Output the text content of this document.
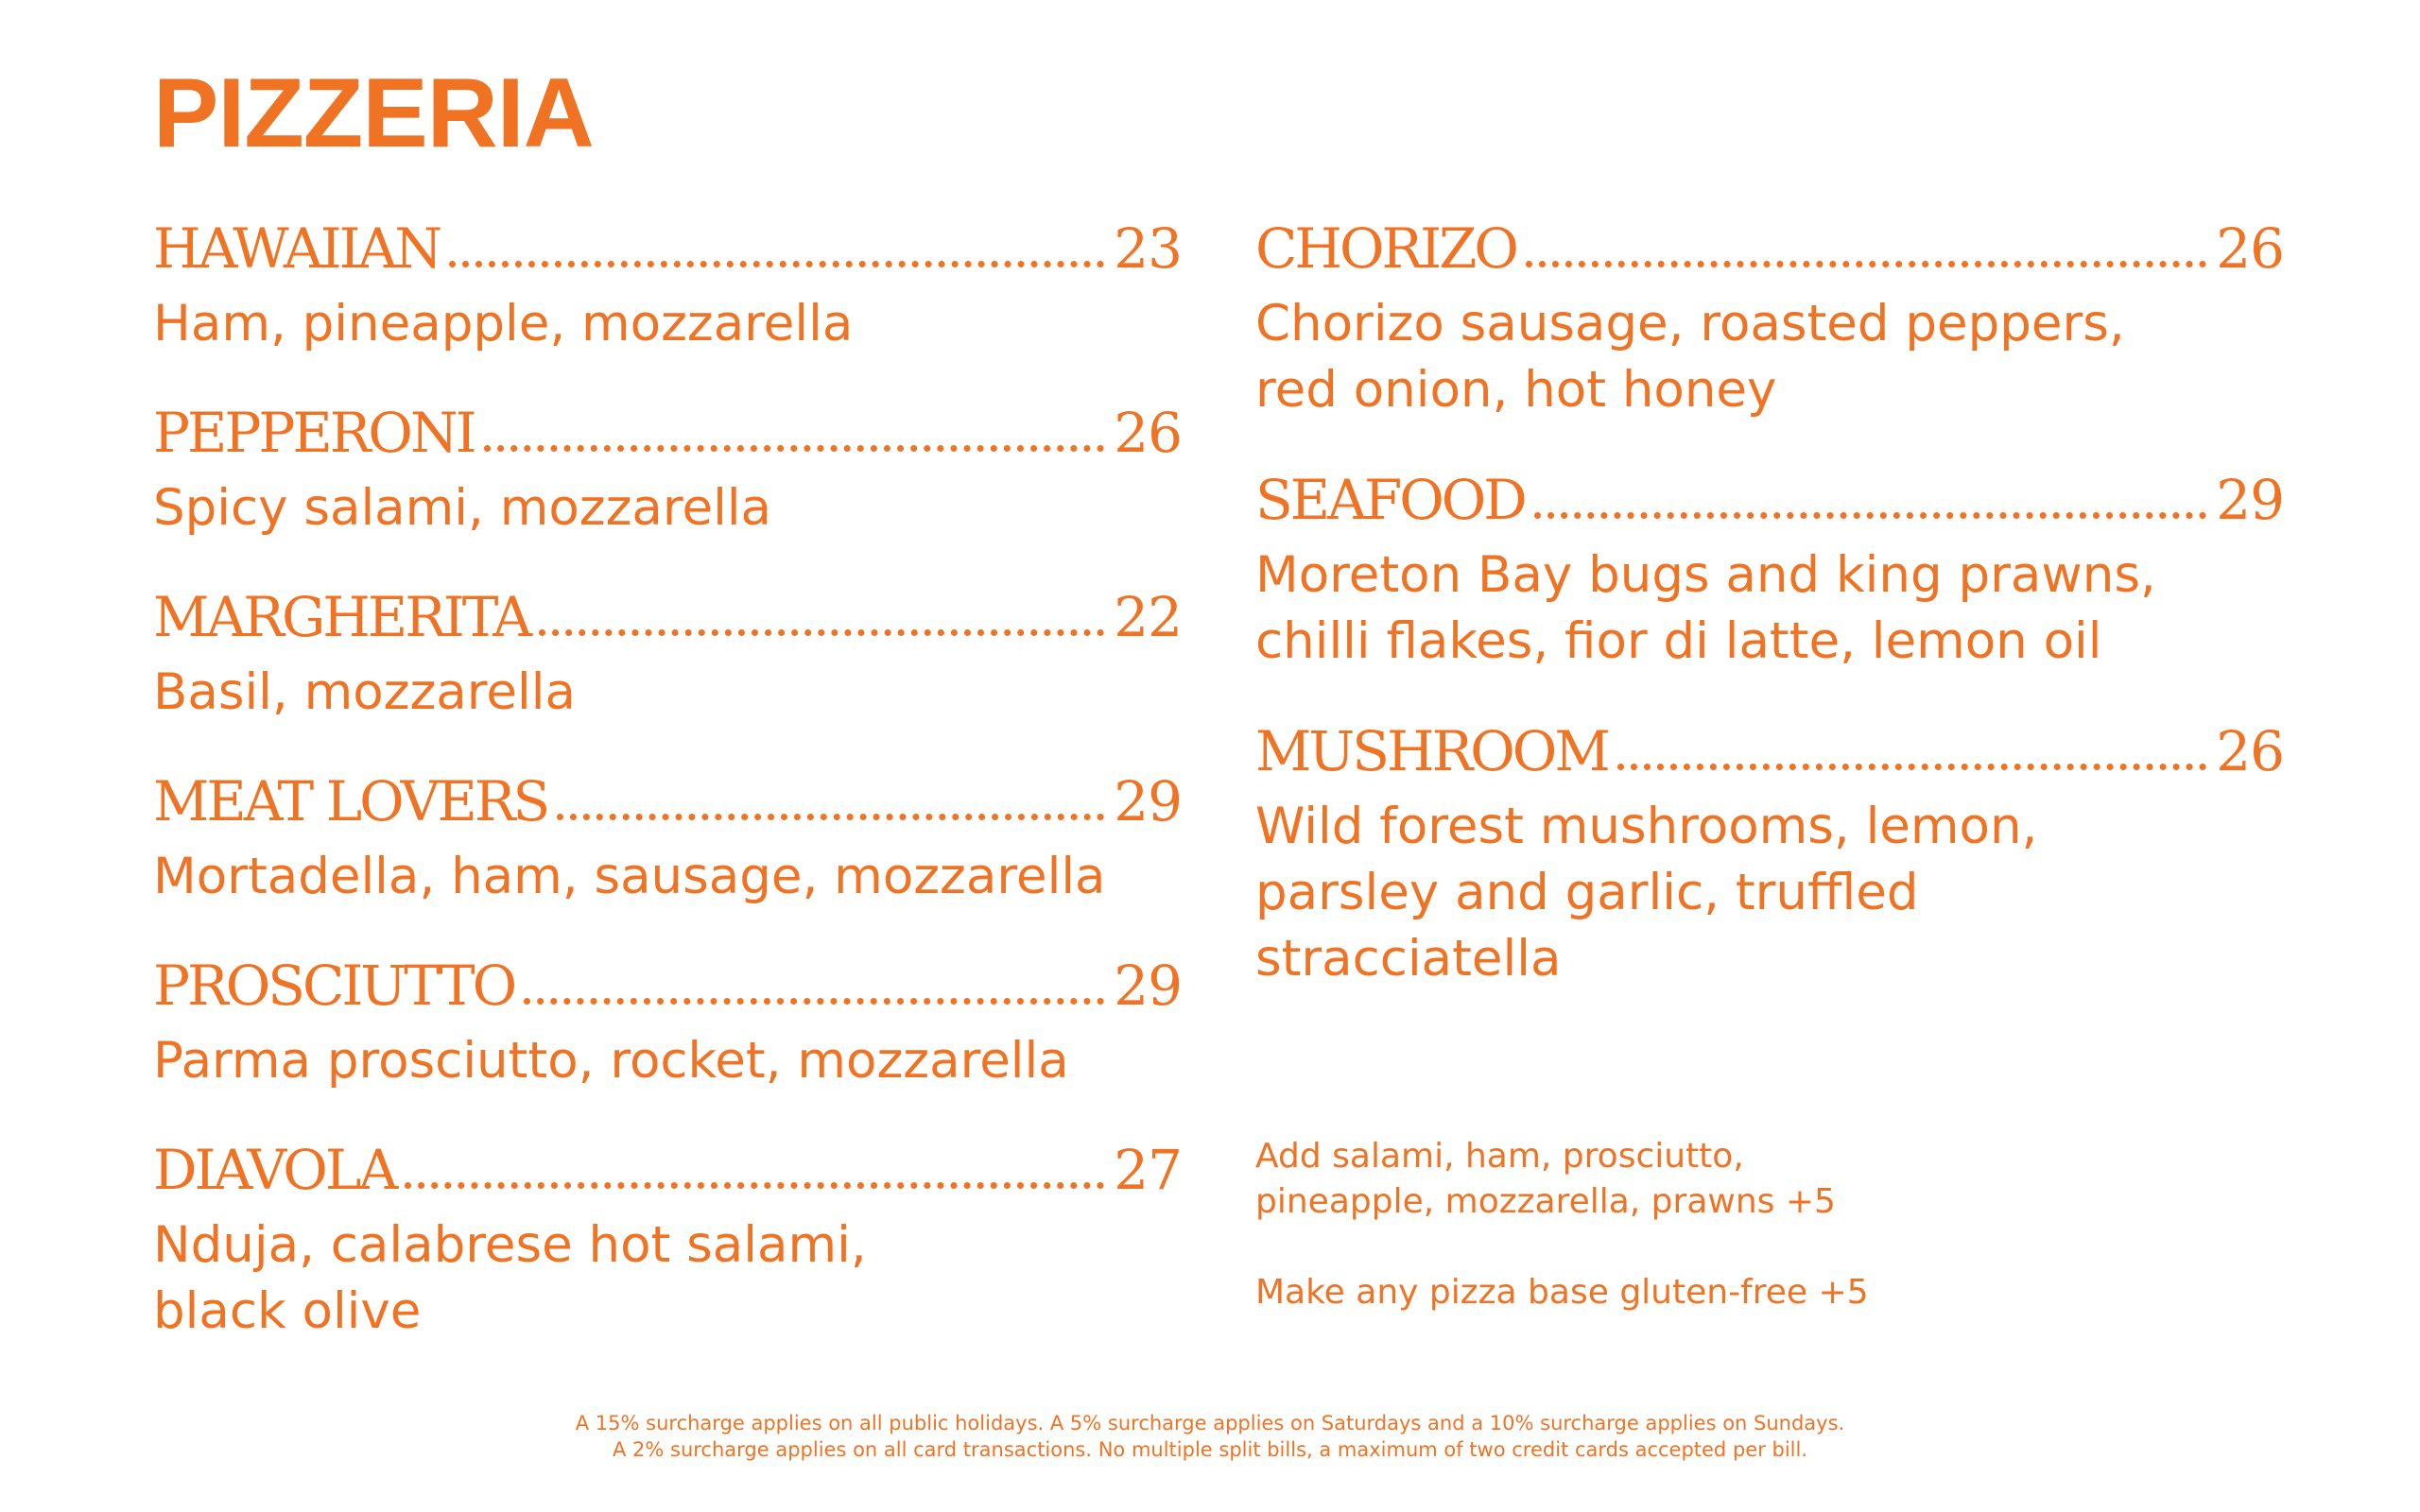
PIZZERIA
HAWAIIAN	23
Ham, pineapple, mozzarella
PEPPERONI	26
Spicy salami, mozzarella
MARGHERITA	22
Basil, mozzarella
MEAT LOVERS	29
Mortadella, ham, sausage, mozzarella
PROSCIUTTO	29
Parma prosciutto, rocket, mozzarella
DIAVOLA	27
Nduja, calabrese hot salami,
black olive
CHORIZO	26
Chorizo sausage, roasted peppers,
red onion, hot honey
SEAFOOD	29
Moreton Bay bugs and king prawns,
chilli flakes, fior di latte, lemon oil
MUSHROOM	26
Wild forest mushrooms, lemon,
parsley and garlic, truffled
stracciatella

Add salami, ham, prosciutto,
pineapple, mozzarella, prawns +5

Make any pizza base gluten-free +5

A 15% surcharge applies on all public holidays. A 5% surcharge applies on Saturdays and a 10% surcharge applies on Sundays.

A 2% surcharge applies on all card transactions. No multiple split bills, a maximum of two credit cards accepted per bill.
